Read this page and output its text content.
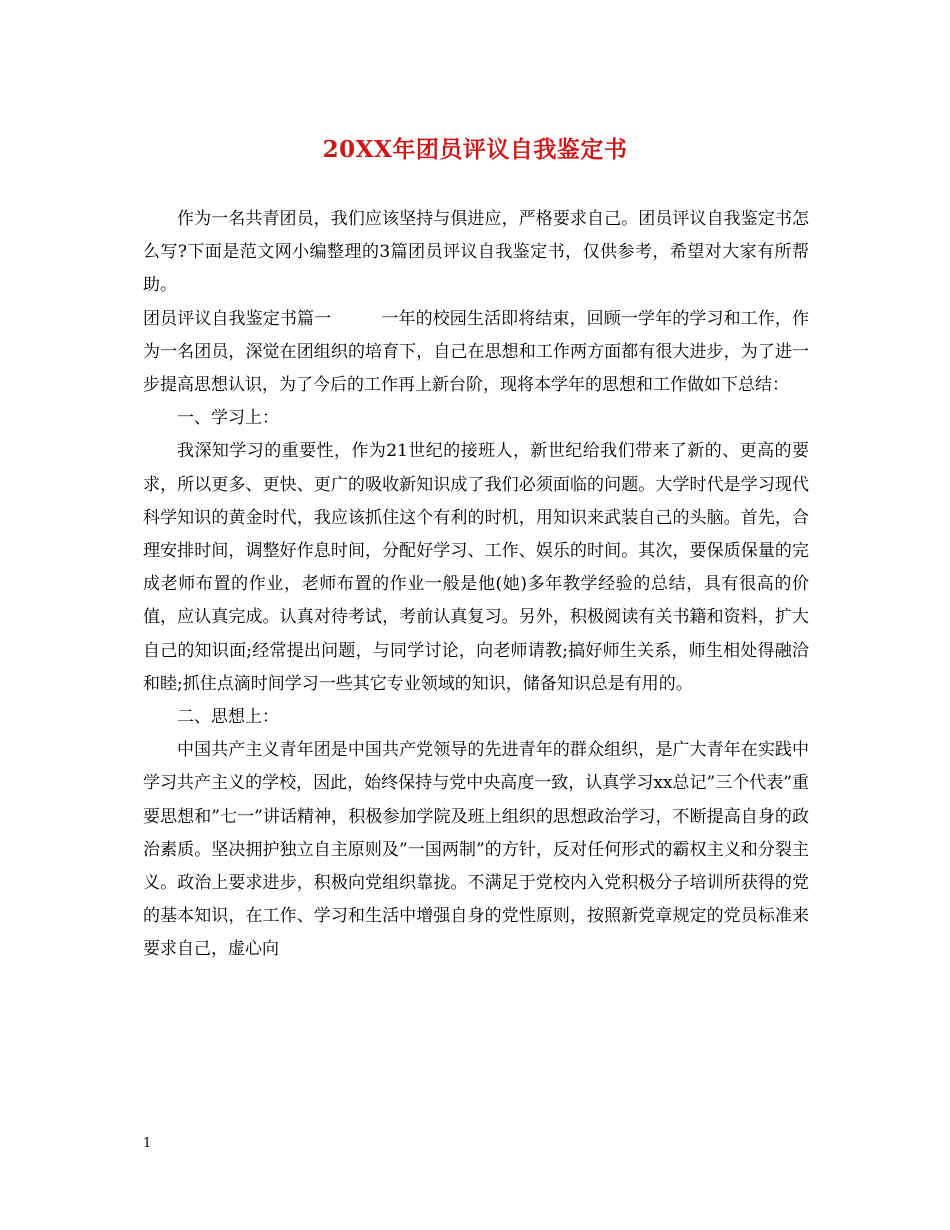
20XX年团员评议自我鉴定书

作为一名共青团员，我们应该坚持与俱进应，严格要求自己。团员评议自我鉴定书怎么写?下面是范文网小编整理的3篇团员评议自我鉴定书，仅供参考，希望对大家有所帮助。

团员评议自我鉴定书篇一	一年的校园生活即将结束，回顾一学年的学习和工作，作为一名团员，深觉在团组织的培育下，自己在思想和工作两方面都有很大进步，为了进一步提高思想认识，为了今后的工作再上新台阶，现将本学年的思想和工作做如下总结：

一、学习上：

我深知学习的重要性，作为21世纪的接班人，新世纪给我们带来了新的、更高的要求，所以更多、更快、更广的吸收新知识成了我们必须面临的问题。大学时代是学习现代科学知识的黄金时代，我应该抓住这个有利的时机，用知识来武装自己的头脑。首先，合理安排时间，调整好作息时间，分配好学习、工作、娱乐的时间。其次，要保质保量的完成老师布置的作业，老师布置的作业一般是他(她)多年教学经验的总结，具有很高的价值，应认真完成。认真对待考试，考前认真复习。另外，积极阅读有关书籍和资料，扩大自己的知识面;经常提出问题，与同学讨论，向老师请教;搞好师生关系，师生相处得融洽和睦;抓住点滴时间学习一些其它专业领域的知识，储备知识总是有用的。

二、思想上：

中国共产主义青年团是中国共产党领导的先进青年的群众组织，是广大青年在实践中学习共产主义的学校，因此，始终保持与党中央高度一致，认真学习xx总记”三个代表”重要思想和”七一”讲话精神，积极参加学院及班上组织的思想政治学习，不断提高自身的政治素质。坚决拥护独立自主原则及”一国两制”的方针，反对任何形式的霸权主义和分裂主义。政治上要求进步，积极向党组织靠拢。不满足于党校内入党积极分子培训所获得的党的基本知识，在工作、学习和生活中增强自身的党性原则，按照新党章规定的党员标准来要求自己，虚心向

1
